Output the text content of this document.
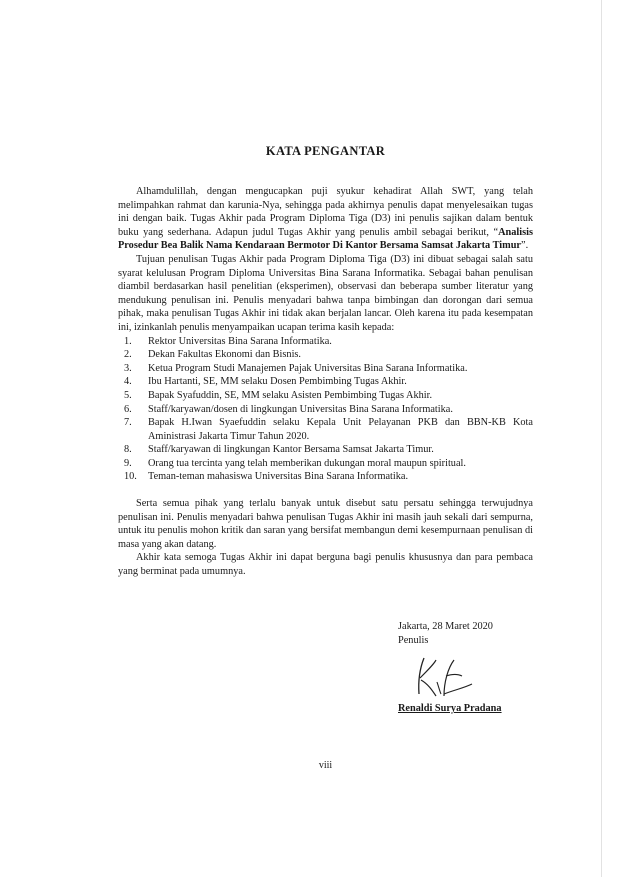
KATA PENGANTAR

Alhamdulillah, dengan mengucapkan puji syukur kehadirat Allah SWT, yang telah melimpahkan rahmat dan karunia-Nya, sehingga pada akhirnya penulis dapat menyelesaikan tugas ini dengan baik. Tugas Akhir pada Program Diploma Tiga (D3) ini penulis sajikan dalam bentuk buku yang sederhana. Adapun judul Tugas Akhir yang penulis ambil sebagai berikut, “Analisis Prosedur Bea Balik Nama Kendaraan Bermotor Di Kantor Bersama Samsat Jakarta Timur”.

Tujuan penulisan Tugas Akhir pada Program Diploma Tiga (D3) ini dibuat sebagai salah satu syarat kelulusan Program Diploma Universitas Bina Sarana Informatika. Sebagai bahan penulisan diambil berdasarkan hasil penelitian (eksperimen), observasi dan beberapa sumber literatur yang mendukung penulisan ini. Penulis menyadari bahwa tanpa bimbingan dan dorongan dari semua pihak, maka penulisan Tugas Akhir ini tidak akan berjalan lancar. Oleh karena itu pada kesempatan ini, izinkanlah penulis menyampaikan ucapan terima kasih kepada:

1.	Rektor Universitas Bina Sarana Informatika.
2.	Dekan Fakultas Ekonomi dan Bisnis.
3.	Ketua Program Studi Manajemen Pajak Universitas Bina Sarana Informatika.
4.	Ibu Hartanti, SE, MM selaku Dosen Pembimbing Tugas Akhir.
5.	Bapak Syafuddin, SE, MM selaku Asisten Pembimbing Tugas Akhir.
6.	Staff/karyawan/dosen di lingkungan Universitas Bina Sarana Informatika.
7.	Bapak H.Iwan Syaefuddin selaku Kepala Unit Pelayanan PKB dan BBN-KB Kota Aministrasi Jakarta Timur Tahun 2020.
8.	Staff/karyawan di lingkungan Kantor Bersama Samsat Jakarta Timur.
9.	Orang tua tercinta yang telah memberikan dukungan moral maupun spiritual.
10.	Teman-teman mahasiswa Universitas Bina Sarana Informatika.

Serta semua pihak yang terlalu banyak untuk disebut satu persatu sehingga terwujudnya penulisan ini. Penulis menyadari bahwa penulisan Tugas Akhir ini masih jauh sekali dari sempurna, untuk itu penulis mohon kritik dan saran yang bersifat membangun demi kesempurnaan penulisan di masa yang akan datang.

Akhir kata semoga Tugas Akhir ini dapat berguna bagi penulis khususnya dan para pembaca yang berminat pada umumnya.

Jakarta, 28 Maret 2020
Penulis
Renaldi Surya Pradana
viii
